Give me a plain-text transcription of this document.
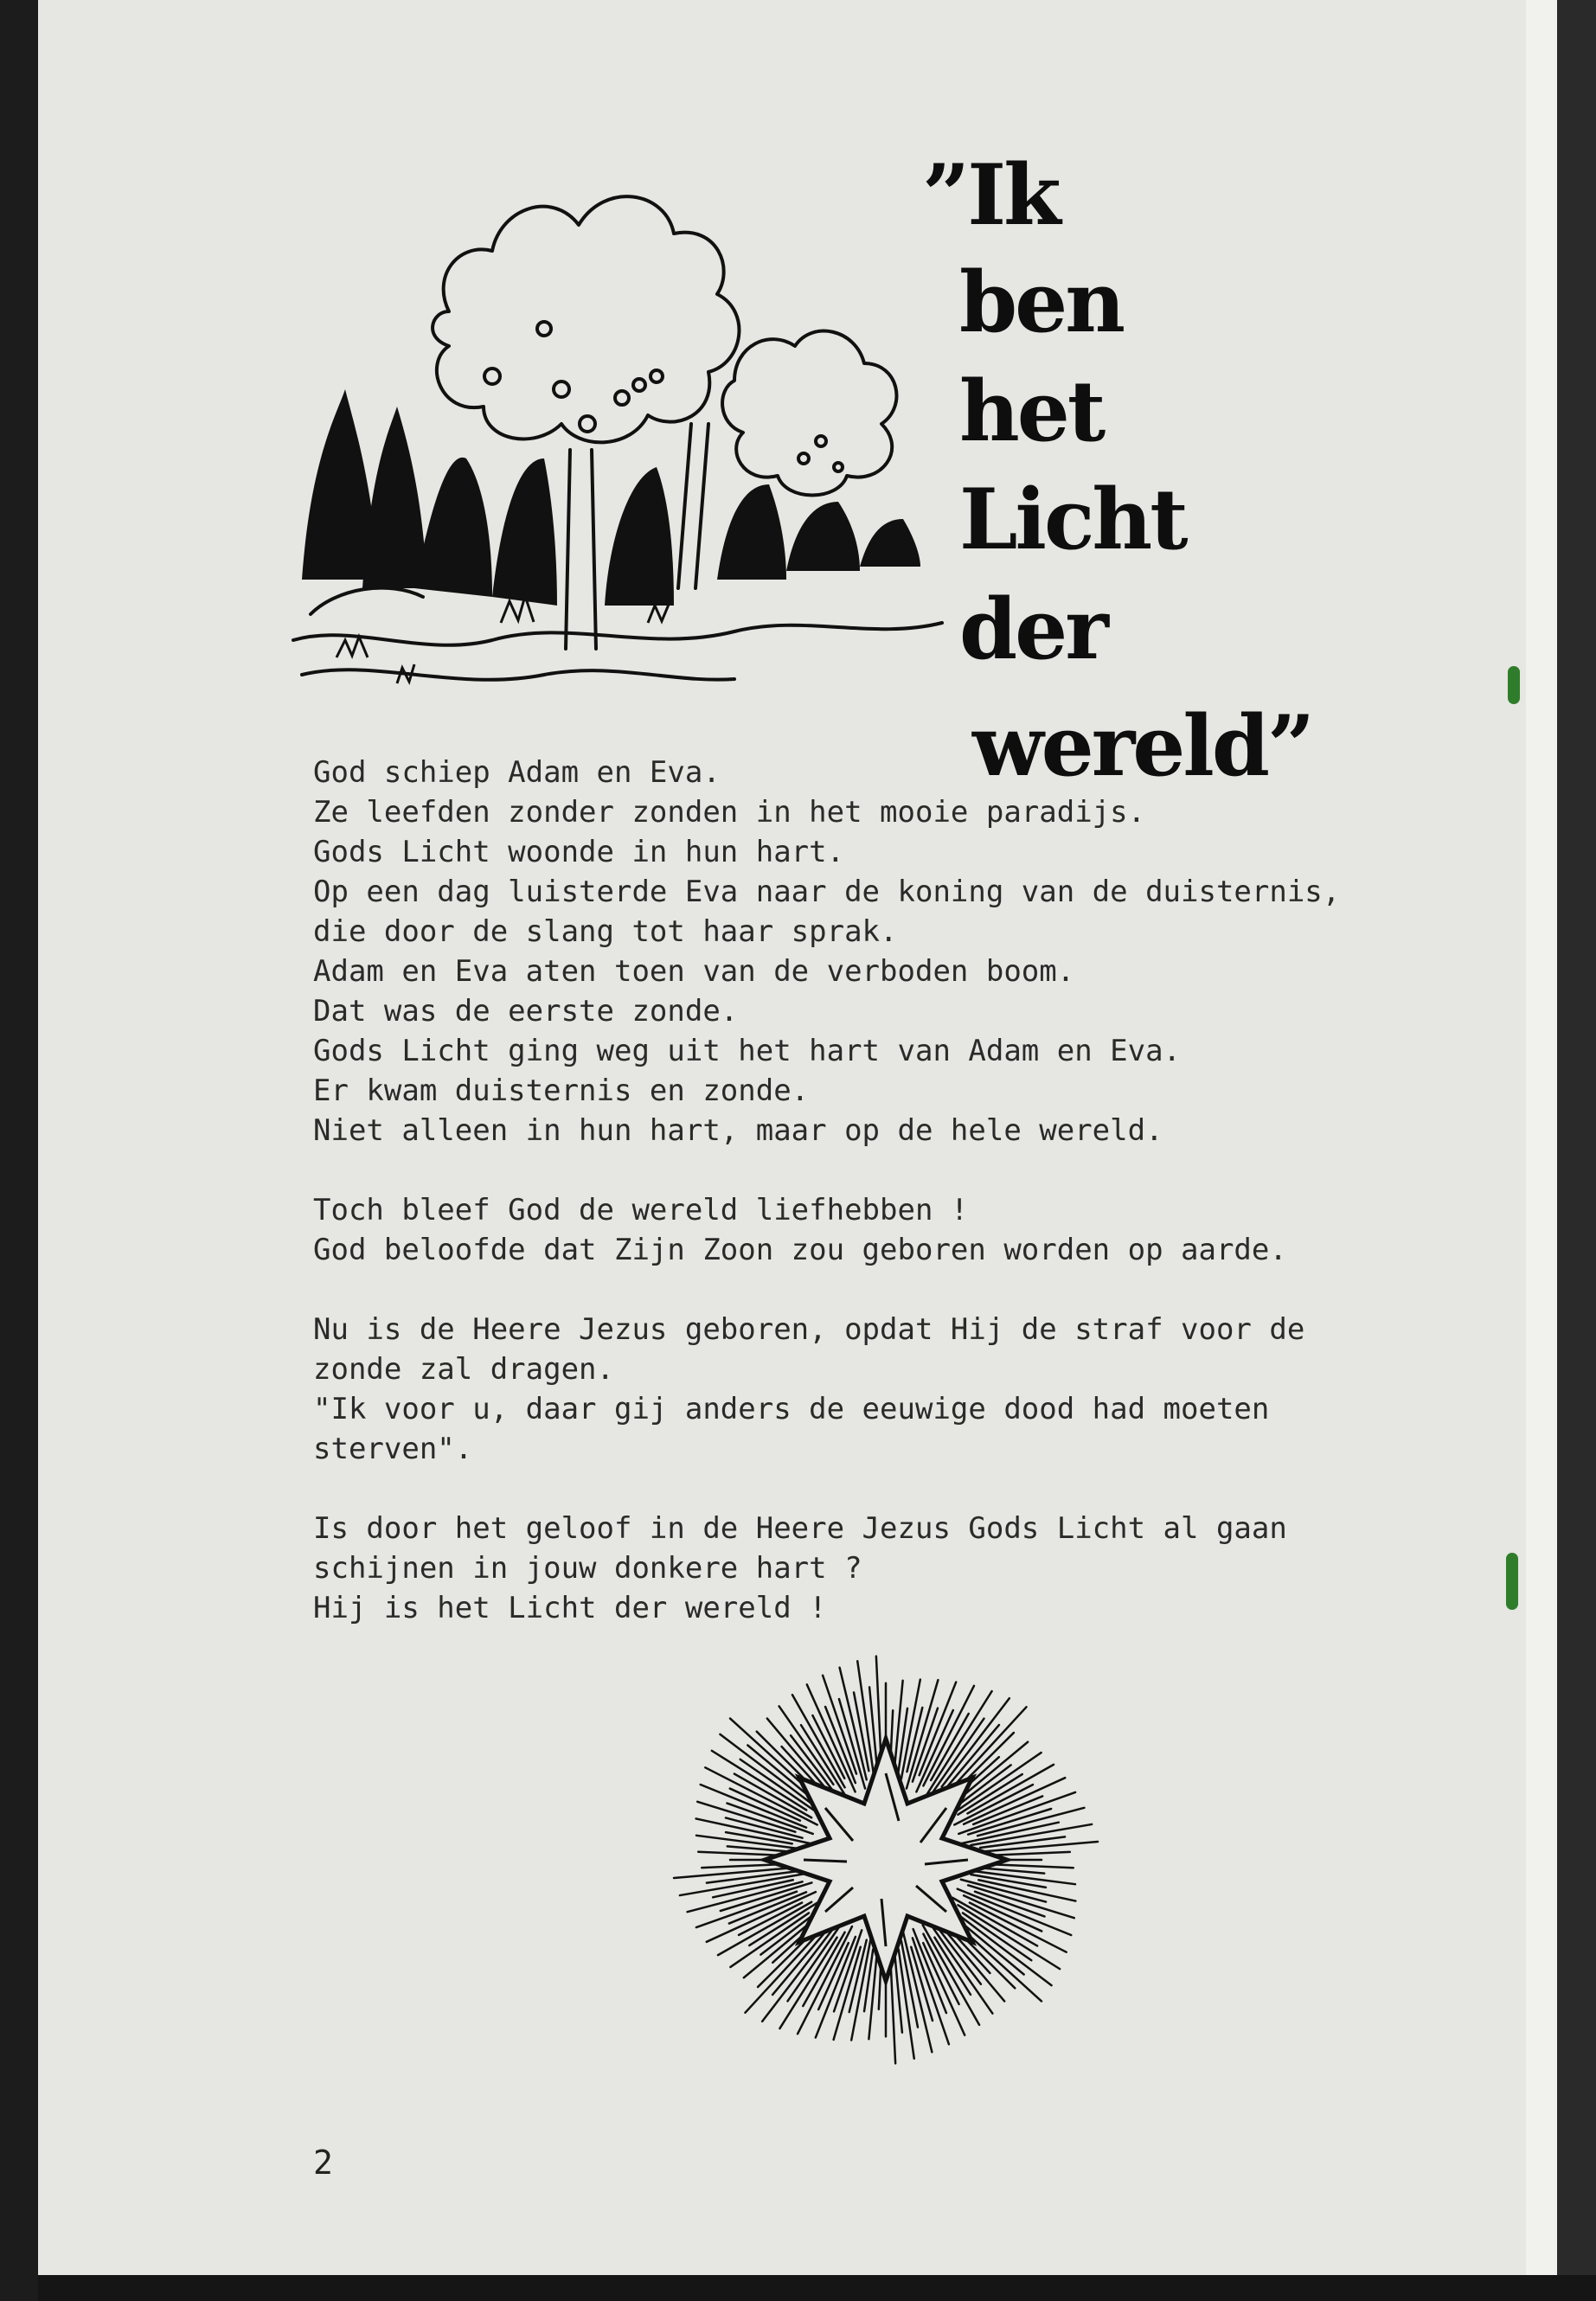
”Ik
ben
het
Licht
der
wereld”
God schiep Adam en Eva.
Ze leefden zonder zonden in het mooie paradijs.
Gods Licht woonde in hun hart.
Op een dag luisterde Eva naar de koning van de duisternis,
die door de slang tot haar sprak.
Adam en Eva aten toen van de verboden boom.
Dat was de eerste zonde.
Gods Licht ging weg uit het hart van Adam en Eva.
Er kwam duisternis en zonde.
Niet alleen in hun hart, maar op de hele wereld.
Toch bleef God de wereld liefhebben !
God beloofde dat Zijn Zoon zou geboren worden op aarde.
Nu is de Heere Jezus geboren, opdat Hij de straf voor de
zonde zal dragen.
"Ik voor u, daar gij anders de eeuwige dood had moeten
sterven".
Is door het geloof in de Heere Jezus Gods Licht al gaan
schijnen in jouw donkere hart ?
Hij is het Licht der wereld !
2
